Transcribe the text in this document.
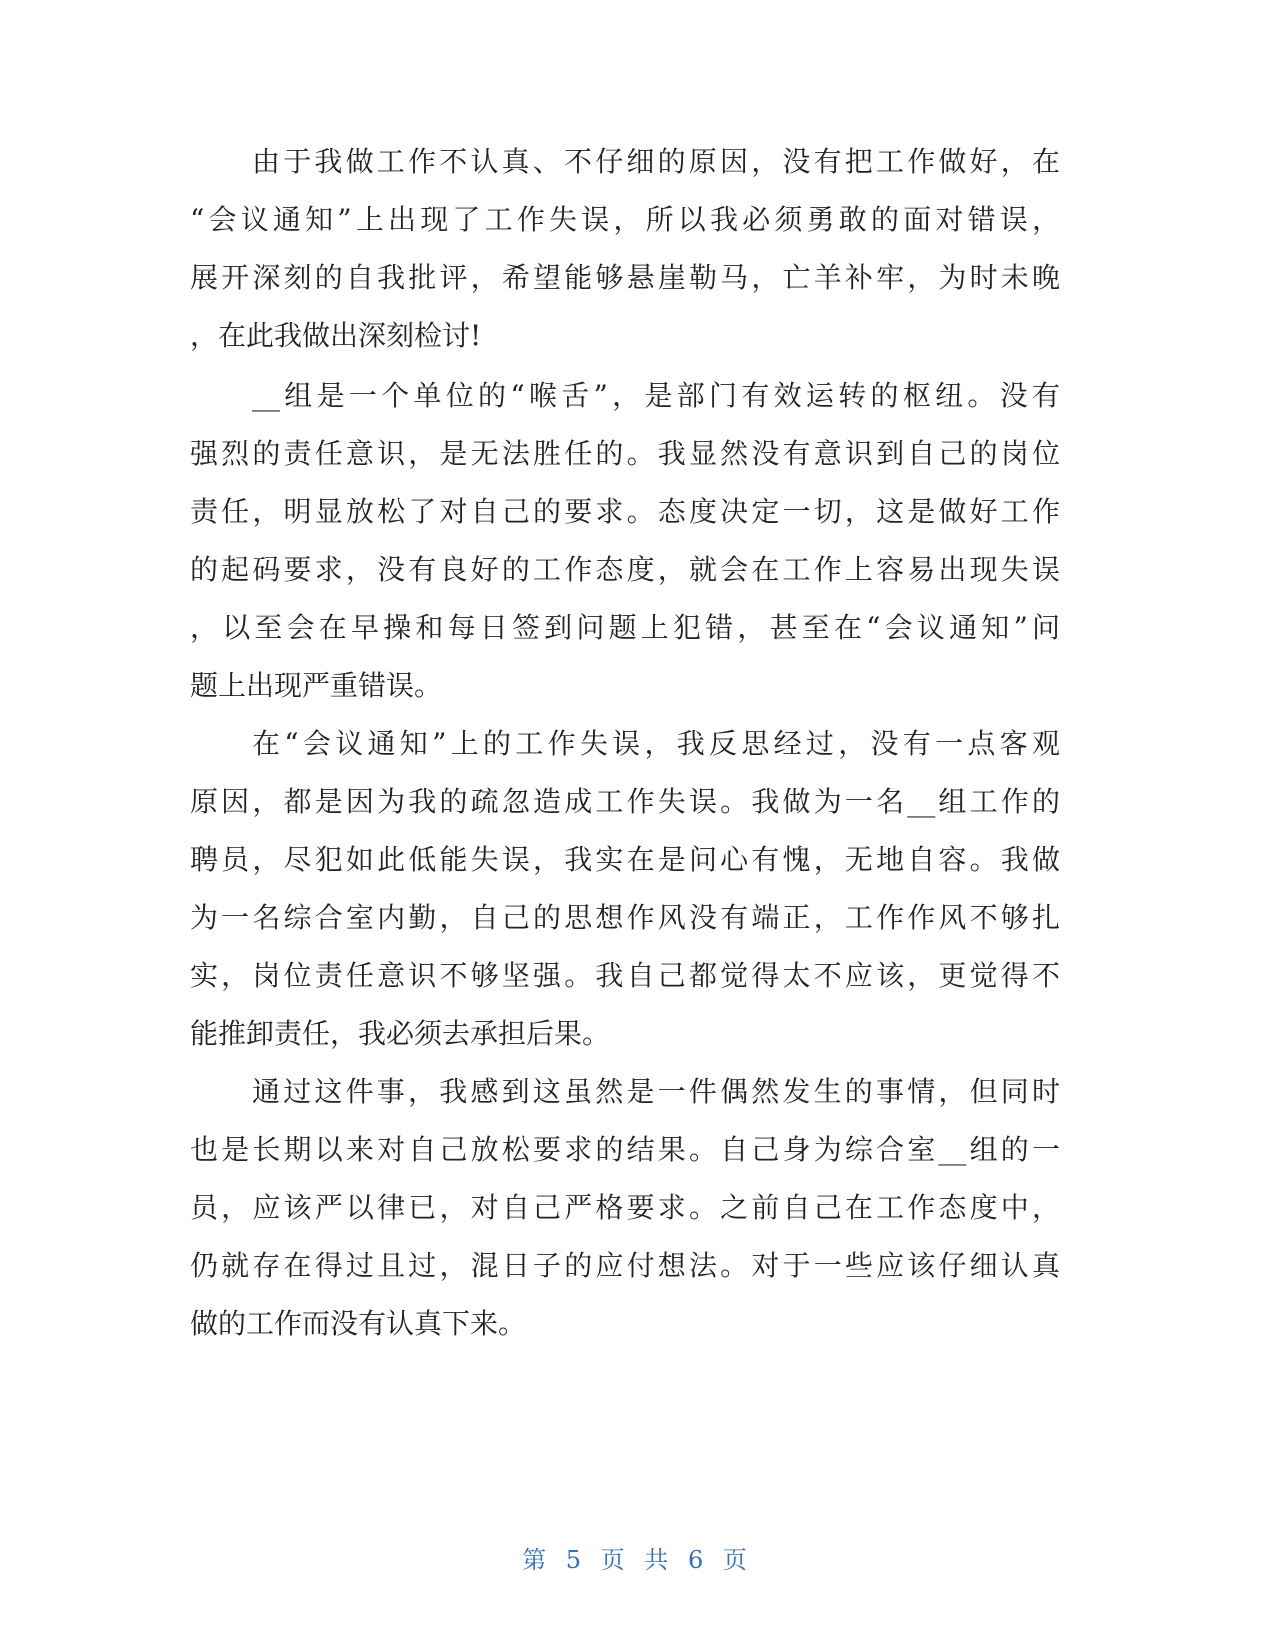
由于我做工作不认真、不仔细的原因，没有把工作做好，在
“会议通知”上出现了工作失误，所以我必须勇敢的面对错误，
展开深刻的自我批评，希望能够悬崖勒马，亡羊补牢，为时未晚
，在此我做出深刻检讨!
__组是一个单位的“喉舌”，是部门有效运转的枢纽。没有
强烈的责任意识，是无法胜任的。我显然没有意识到自己的岗位
责任，明显放松了对自己的要求。态度决定一切，这是做好工作
的起码要求，没有良好的工作态度，就会在工作上容易出现失误
，以至会在早操和每日签到问题上犯错，甚至在“会议通知”问
题上出现严重错误。
在“会议通知”上的工作失误，我反思经过，没有一点客观
原因，都是因为我的疏忽造成工作失误。我做为一名__组工作的
聘员，尽犯如此低能失误，我实在是问心有愧，无地自容。我做
为一名综合室内勤，自己的思想作风没有端正，工作作风不够扎
实，岗位责任意识不够坚强。我自己都觉得太不应该，更觉得不
能推卸责任，我必须去承担后果。
通过这件事，我感到这虽然是一件偶然发生的事情，但同时
也是长期以来对自己放松要求的结果。自己身为综合室__组的一
员，应该严以律已，对自己严格要求。之前自己在工作态度中，
仍就存在得过且过，混日子的应付想法。对于一些应该仔细认真
做的工作而没有认真下来。
第 5 页 共 6 页
